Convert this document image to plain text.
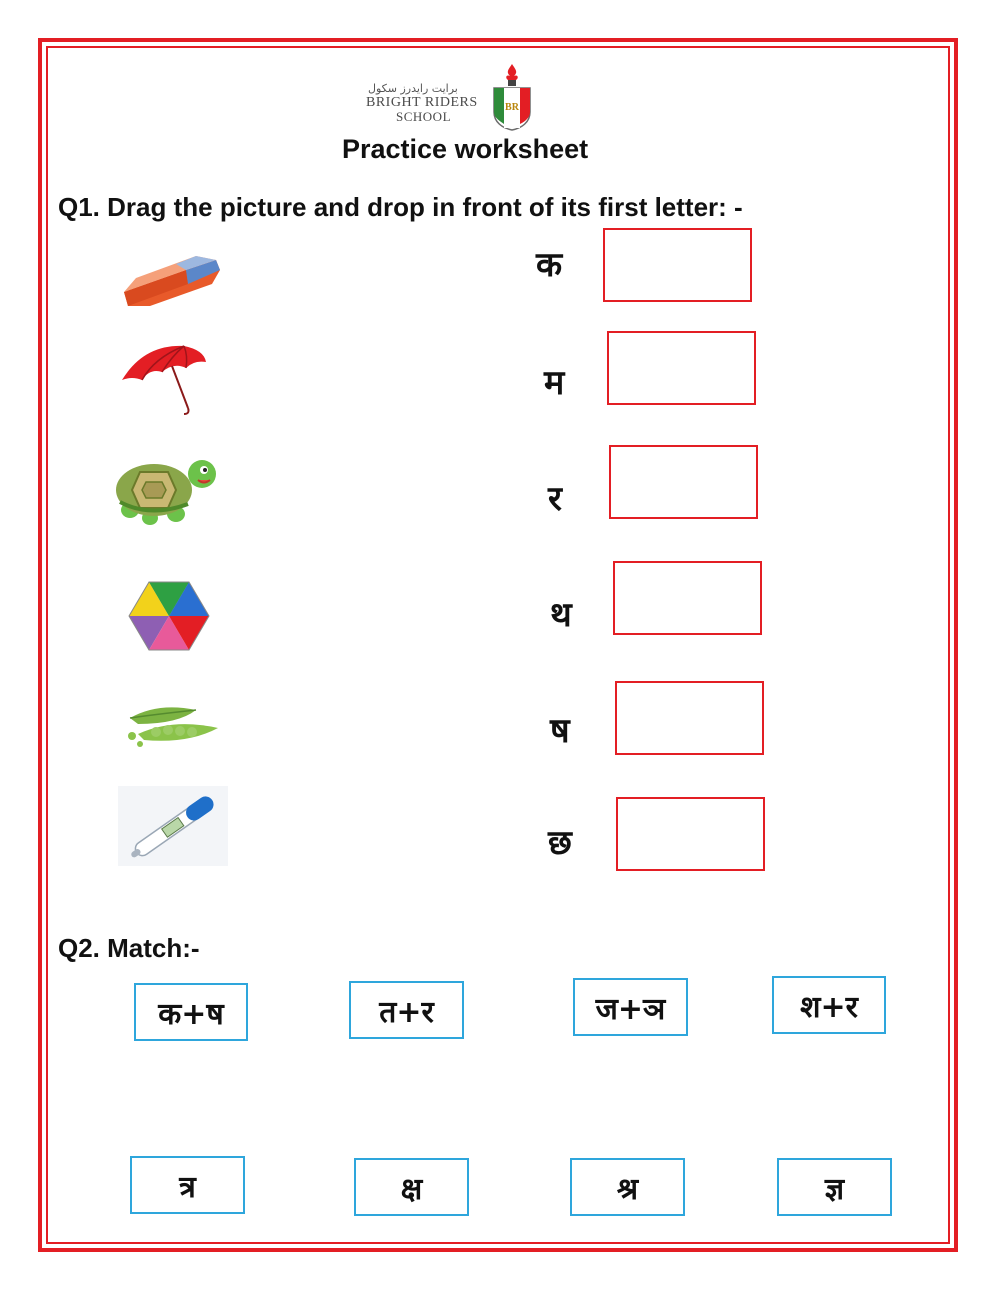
برايت رايدرز سكول
BRIGHT RIDERS
SCHOOL
BR
Practice worksheet
Q1. Drag the picture and drop in front of its first letter: -
क
म
र
थ
ष
छ
Q2. Match:-
क+ष	त+र	ज+ञ	श+र
त्र	क्ष	श्र	ज्ञ
